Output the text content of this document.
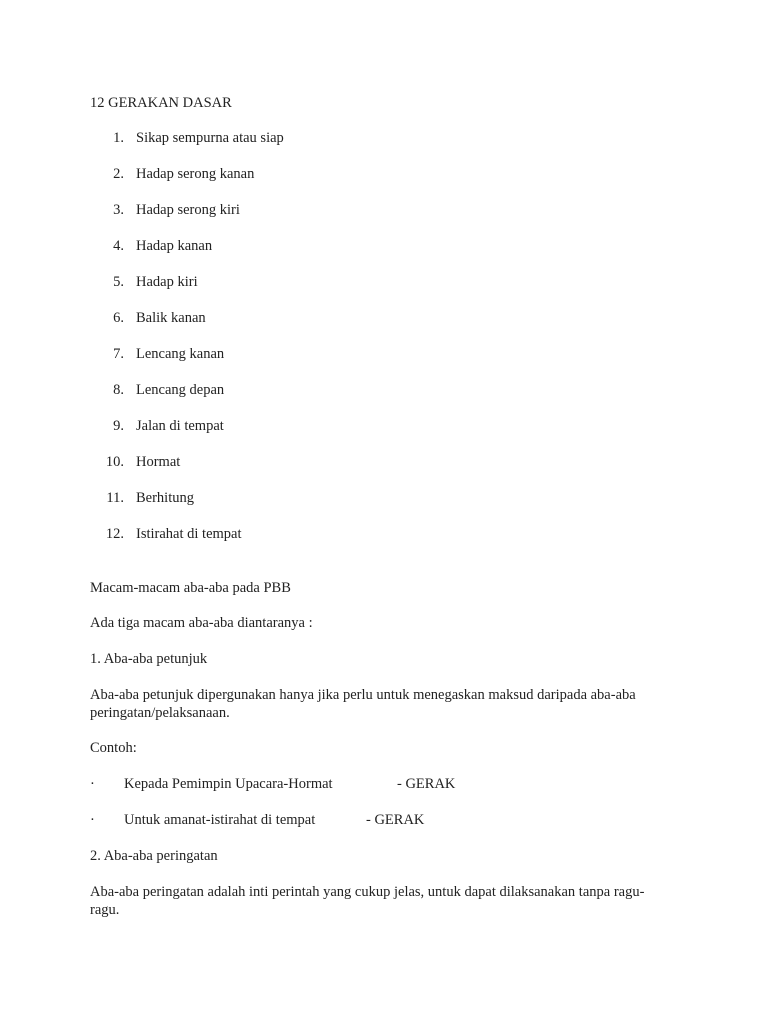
12 GERAKAN DASAR
1. Sikap sempurna atau siap
2. Hadap serong kanan
3. Hadap serong kiri
4. Hadap kanan
5. Hadap kiri
6. Balik kanan
7. Lencang kanan
8. Lencang depan
9. Jalan di tempat
10. Hormat
11. Berhitung
12. Istirahat di tempat
Macam-macam aba-aba pada PBB
Ada tiga macam aba-aba diantaranya :
1. Aba-aba petunjuk
Aba-aba petunjuk dipergunakan hanya jika perlu untuk menegaskan maksud daripada aba-aba
peringatan/pelaksanaan.
Contoh:
· Kepada Pemimpin Upacara-Hormat	- GERAK
· Untuk amanat-istirahat di tempat	- GERAK
2. Aba-aba peringatan
Aba-aba peringatan adalah inti perintah yang cukup jelas, untuk dapat dilaksanakan tanpa ragu-
ragu.
